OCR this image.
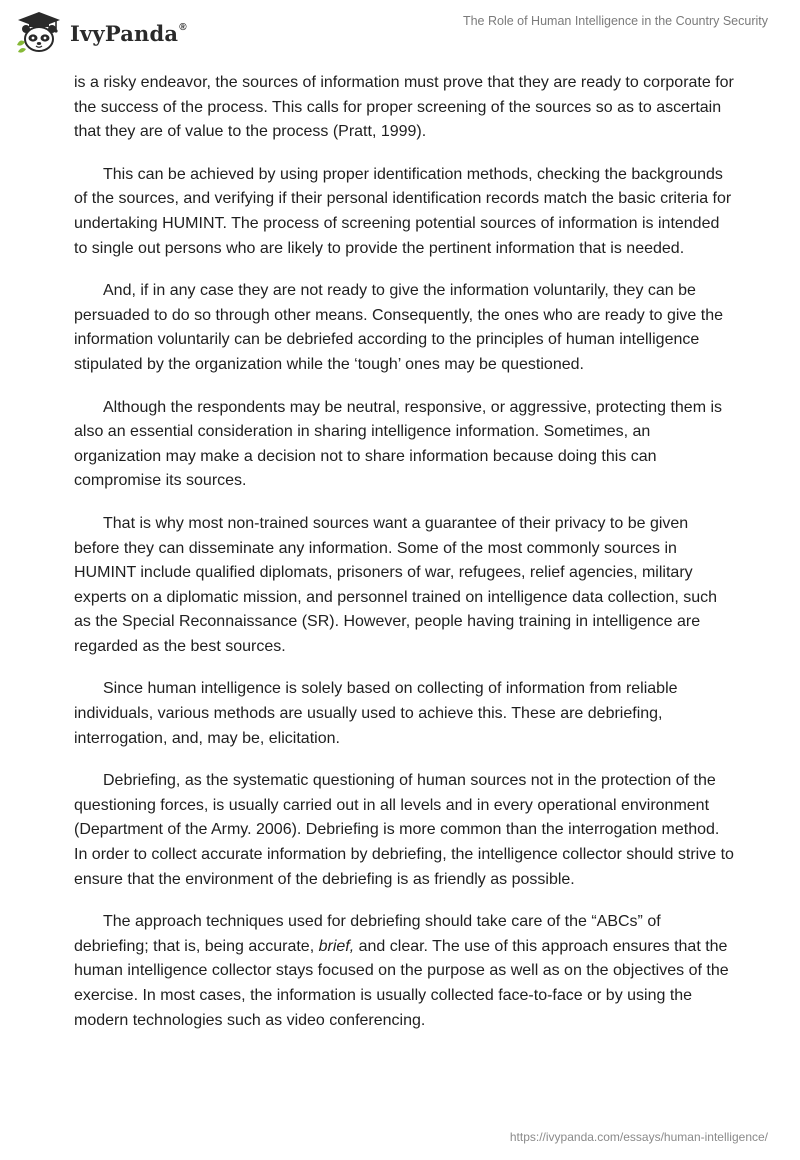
IvyPanda®	The Role of Human Intelligence in the Country Security

is a risky endeavor, the sources of information must prove that they are ready to corporate for the success of the process. This calls for proper screening of the sources so as to ascertain that they are of value to the process (Pratt, 1999).

This can be achieved by using proper identification methods, checking the backgrounds of the sources, and verifying if their personal identification records match the basic criteria for undertaking HUMINT. The process of screening potential sources of information is intended to single out persons who are likely to provide the pertinent information that is needed.

And, if in any case they are not ready to give the information voluntarily, they can be persuaded to do so through other means. Consequently, the ones who are ready to give the information voluntarily can be debriefed according to the principles of human intelligence stipulated by the organization while the ‘tough’ ones may be questioned.

Although the respondents may be neutral, responsive, or aggressive, protecting them is also an essential consideration in sharing intelligence information. Sometimes, an organization may make a decision not to share information because doing this can compromise its sources.

That is why most non-trained sources want a guarantee of their privacy to be given before they can disseminate any information. Some of the most commonly sources in HUMINT include qualified diplomats, prisoners of war, refugees, relief agencies, military experts on a diplomatic mission, and personnel trained on intelligence data collection, such as the Special Reconnaissance (SR). However, people having training in intelligence are regarded as the best sources.

Since human intelligence is solely based on collecting of information from reliable individuals, various methods are usually used to achieve this. These are debriefing, interrogation, and, may be, elicitation.

Debriefing, as the systematic questioning of human sources not in the protection of the questioning forces, is usually carried out in all levels and in every operational environment (Department of the Army. 2006). Debriefing is more common than the interrogation method. In order to collect accurate information by debriefing, the intelligence collector should strive to ensure that the environment of the debriefing is as friendly as possible.

The approach techniques used for debriefing should take care of the “ABCs” of debriefing; that is, being accurate, brief, and clear. The use of this approach ensures that the human intelligence collector stays focused on the purpose as well as on the objectives of the exercise. In most cases, the information is usually collected face-to-face or by using the modern technologies such as video conferencing.

https://ivypanda.com/essays/human-intelligence/
